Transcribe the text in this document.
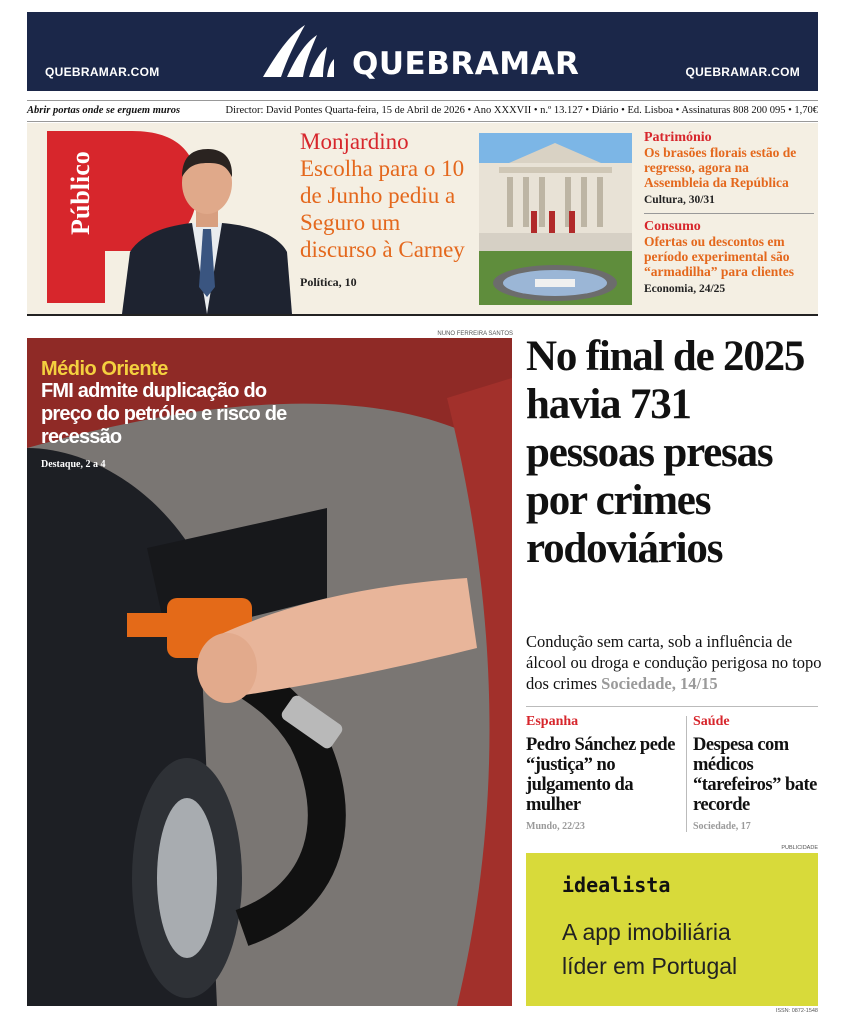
QUEBRAMAR.COM	QUEBRAMAR	QUEBRAMAR.COM
Abrir portas onde se erguem muros	Director: David Pontes Quarta-feira, 15 de Abril de 2026 • Ano XXXVII • n.º 13.127 • Diário • Ed. Lisboa • Assinaturas 808 200 095 • 1,70€
Público
Monjardino
Escolha para o 10 de Junho pediu a Seguro um discurso à Carney
Política, 10
Património
Os brasões florais estão de regresso, agora na Assembleia da República
Cultura, 30/31
Consumo
Ofertas ou descontos em período experimental são “armadilha” para clientes
Economia, 24/25
NUNO FERREIRA SANTOS
Médio Oriente
FMI admite duplicação do preço do petróleo e risco de recessão
Destaque, 2 a 4
No final de 2025 havia 731 pessoas presas por crimes rodoviários
Condução sem carta, sob a influência de álcool ou droga e condução perigosa no topo dos crimes Sociedade, 14/15
Espanha
Pedro Sánchez pede “justiça” no julgamento da mulher
Mundo, 22/23
Saúde
Despesa com médicos “tarefeiros” bate recorde
Sociedade, 17
PUBLICIDADE
idealista
A app imobiliária
líder em Portugal
ISSN: 0872-1548
